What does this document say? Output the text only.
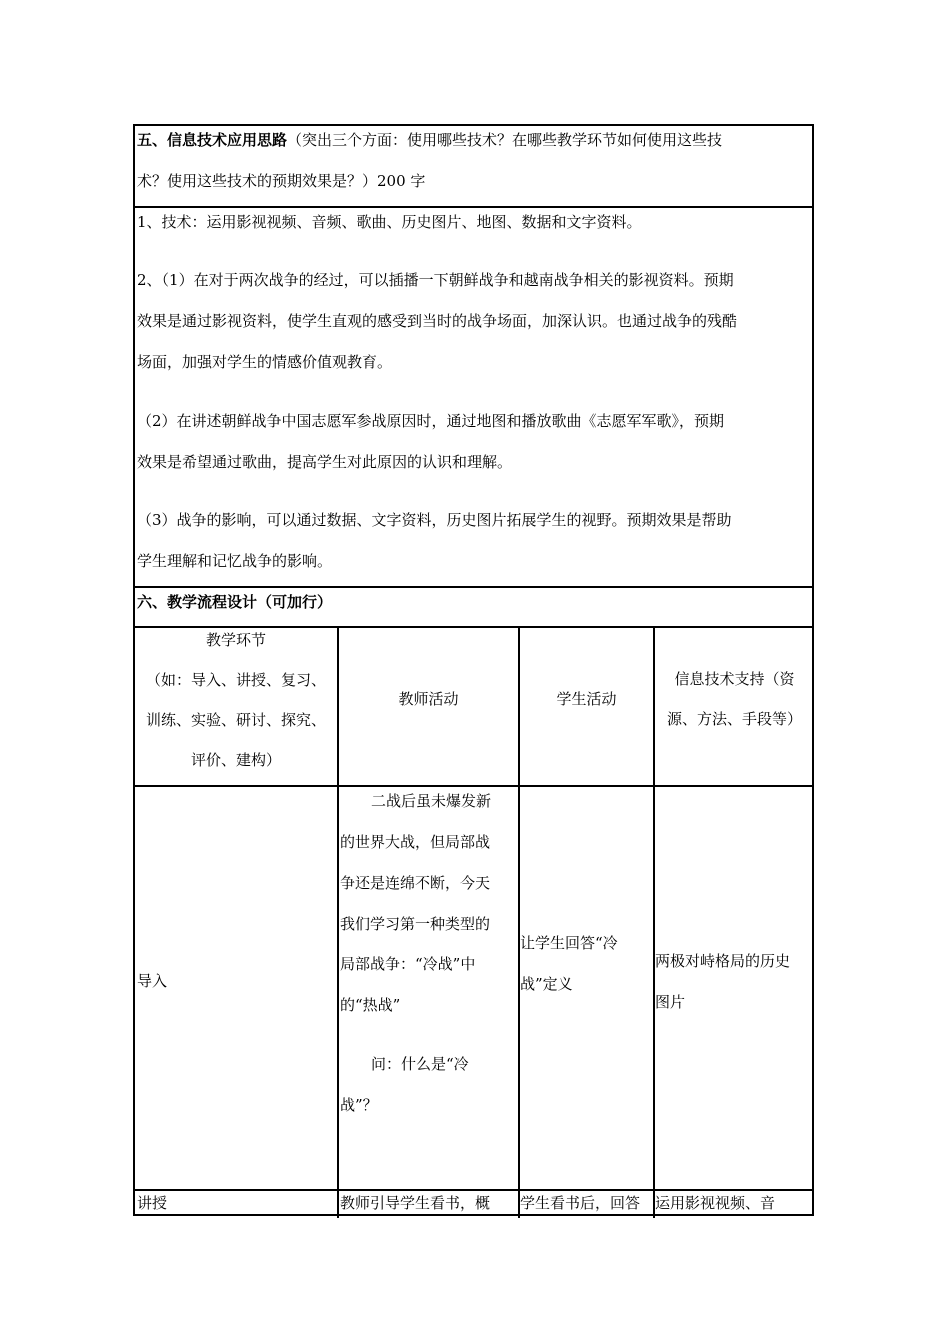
五、信息技术应用思路（突出三个方面：使用哪些技术？在哪些教学环节如何使用这些技
术？使用这些技术的预期效果是？）200 字
1、技术：运用影视视频、音频、歌曲、历史图片、地图、数据和文字资料。
2、（1）在对于两次战争的经过，可以插播一下朝鲜战争和越南战争相关的影视资料。预期
效果是通过影视资料，使学生直观的感受到当时的战争场面，加深认识。也通过战争的残酷
场面，加强对学生的情感价值观教育。
（2）在讲述朝鲜战争中国志愿军参战原因时，通过地图和播放歌曲《志愿军军歌》，预期
效果是希望通过歌曲，提高学生对此原因的认识和理解。
（3）战争的影响，可以通过数据、文字资料，历史图片拓展学生的视野。预期效果是帮助
学生理解和记忆战争的影响。
六、教学流程设计（可加行）
教学环节
（如：导入、讲授、复习、
训练、实验、研讨、探究、
评价、建构）
教师活动	学生活动
信息技术支持（资
源、方法、手段等）
导入
二战后虽未爆发新
的世界大战，但局部战
争还是连绵不断，今天
我们学习第一种类型的
局部战争：“冷战”中
的“热战”
问：什么是“冷
战”？
让学生回答“冷
战”定义
两极对峙格局的历史
图片
讲授	教师引导学生看书，概 学生看书后，回答 运用影视视频、音
